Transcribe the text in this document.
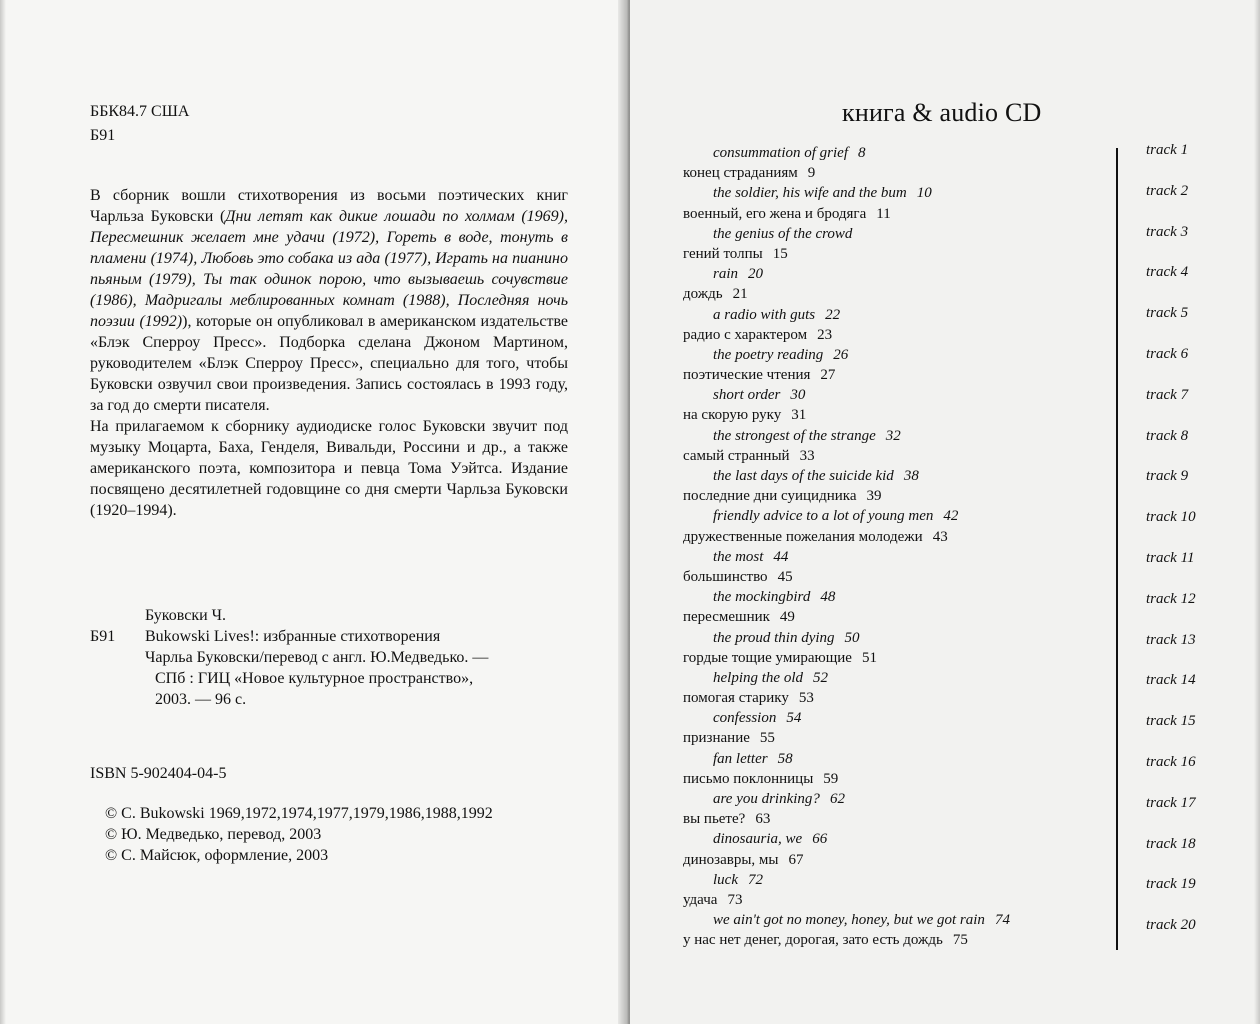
ББК84.7 США
Б91

В сборник вошли стихотворения из восьми поэтических книг Чарльза Буковски (Дни летят как дикие лошади по холмам (1969), Пересмешник желает мне удачи (1972), Гореть в воде, тонуть в пламени (1974), Любовь это собака из ада (1977), Играть на пианино пьяным (1979), Ты так одинок порою, что вызываешь сочувствие (1986), Мадригалы меблированных комнат (1988), Последняя ночь поэзии (1992)), которые он опубликовал в американском издательстве «Блэк Сперроу Пресс». Подборка сделана Джоном Мартином, руководителем «Блэк Сперроу Пресс», специально для того, чтобы Буковски озвучил свои произведения. Запись состоялась в 1993 году, за год до смерти писателя.

На прилагаемом к сборнику аудиодиске голос Буковски звучит под музыку Моцарта, Баха, Генделя, Вивальди, Россини и др., а также американского поэта, композитора и певца Тома Уэйтса. Издание посвящено десятилетней годовщине со дня смерти Чарльза Буковски (1920–1994).

Буковски Ч.
Б91	Bukowski Lives!: избранные стихотворения
Чарльа Буковски/перевод с англ. Ю.Медведько. —
СПб : ГИЦ «Новое культурное пространство»,
2003. — 96 с.
ISBN 5-902404-04-5
© C. Bukowski 1969,1972,1974,1977,1979,1986,1988,1992
© Ю. Медведько, перевод, 2003
© С. Майсюк, оформление, 2003
книга & audio CD
consummation of grief 8
конец страданиям 9
the soldier, his wife and the bum 10
военный, его жена и бродяга 11
the genius of the crowd
гений толпы 15
rain 20
дождь 21
a radio with guts 22
радио с характером 23
the poetry reading 26
поэтические чтения 27
short order 30
на скорую руку 31
the strongest of the strange 32
самый странный 33
the last days of the suicide kid 38
последние дни суицидника 39
friendly advice to a lot of young men 42
дружественные пожелания молодежи 43
the most 44
большинство 45
the mockingbird 48
пересмешник 49
the proud thin dying 50
гордые тощие умирающие 51
helping the old 52
помогая старику 53
confession 54
признание 55
fan letter 58
письмо поклонницы 59
are you drinking? 62
вы пьете? 63
dinosauria, we 66
динозавры, мы 67
luck 72
удача 73
we ain't got no money, honey, but we got rain 74
у нас нет денег, дорогая, зато есть дождь 75
track 1
track 2
track 3
track 4
track 5
track 6
track 7
track 8
track 9
track 10
track 11
track 12
track 13
track 14
track 15
track 16
track 17
track 18
track 19
track 20
